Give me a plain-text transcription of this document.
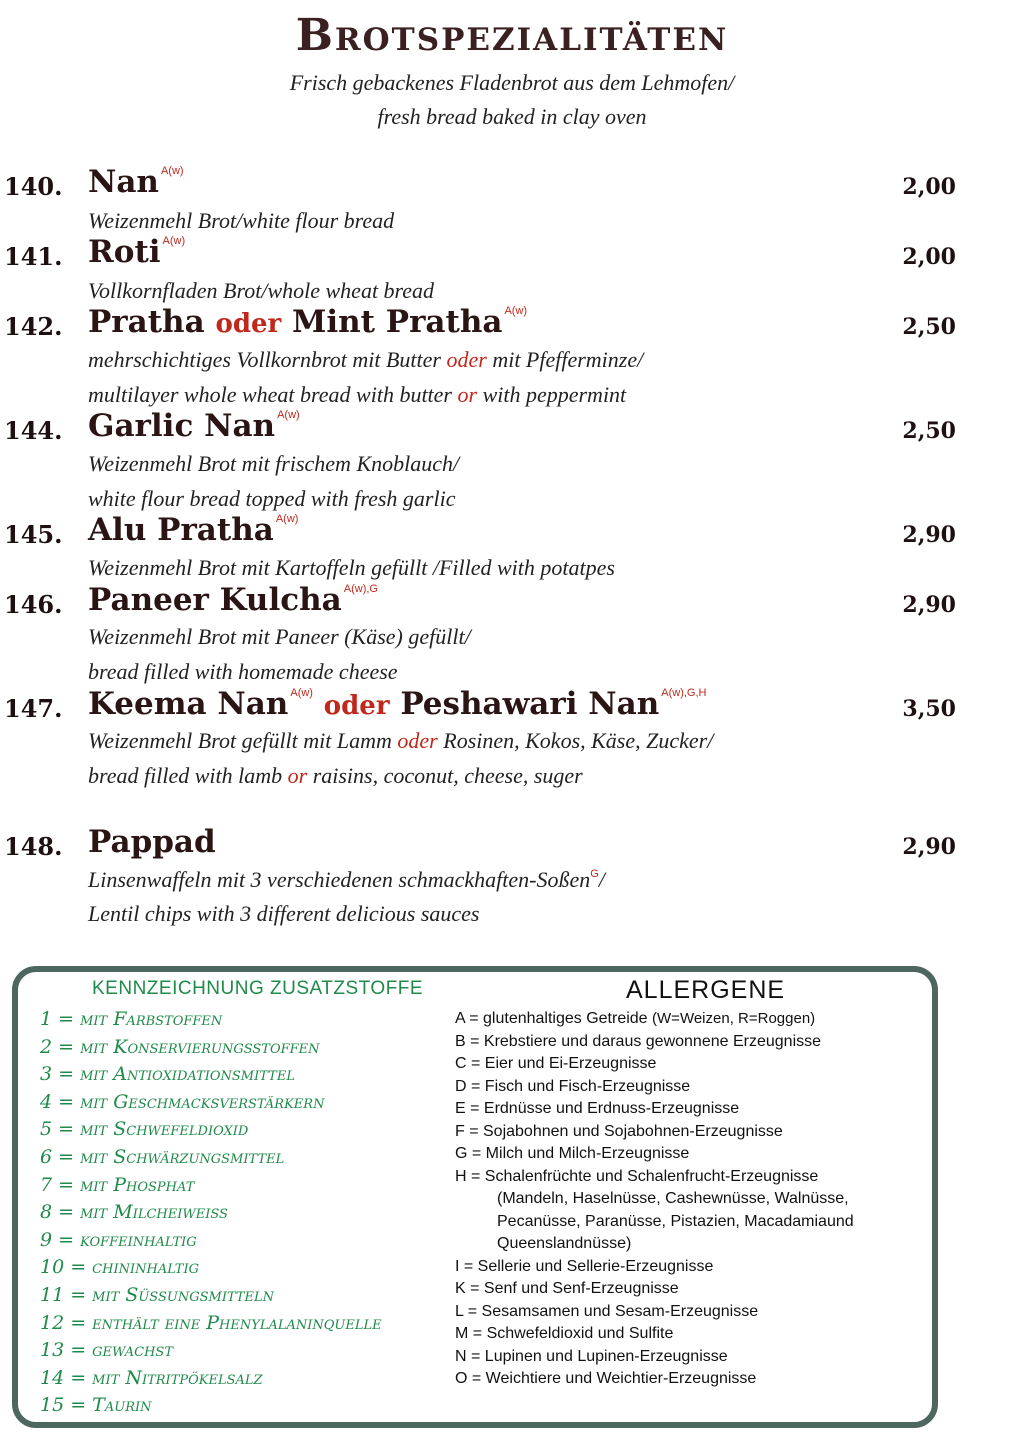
Brotspezialitäten
Frisch gebackenes Fladenbrot aus dem Lehmofen/
fresh bread baked in clay oven
140. Nan $^{A(w)}$
2,00
Weizenmehl Brot/white flour bread
141. Roti $^{A(w)}$
2,00
Vollkornfladen Brot/whole wheat bread
142. Pratha oder Mint Pratha $^{A(w)}$
2,50
mehrschichtiges Vollkornbrot mit Butter oder mit Pfefferminze/
multilayer whole wheat bread with butter or with peppermint
144. Garlic Nan $^{A(w)}$
2,50
Weizenmehl Brot mit frischem Knoblauch/
white flour bread topped with fresh garlic
145. Alu Pratha $^{A(w)}$
2,90
Weizenmehl Brot mit Kartoffeln gefüllt /Filled with potatpes
146. Paneer Kulcha $^{A(w),G}$
2,90
Weizenmehl Brot mit Paneer (Käse) gefüllt/
bread filled with homemade cheese
147. Keema Nan $^{A(w)}$ oder Peshawari Nan $^{A(w),G,H}$
3,50
Weizenmehl Brot gefüllt mit Lamm oder Rosinen, Kokos, Käse, Zucker/
bread filled with lamb or raisins, coconut, cheese, suger
148. Pappad	2,90
Linsenwaffeln mit 3 verschiedenen schmackhaften-Soßen$^G$/
Lentil chips with 3 different delicious sauces
KENNZEICHNUNG ZUSATZSTOFFE
1 = mit Farbstoffen
2 = mit Konservierungsstoffen
3 = mit Antioxidationsmittel
4 = mit Geschmacksverstärkern
5 = mit Schwefeldioxid
6 = mit Schwärzungsmittel
7 = mit Phosphat
8 = mit Milcheiweiß
9 = koffeinhaltig
10 = chininhaltig
11 = mit Süßungsmitteln
12 = enthält eine Phenylalaninquelle
13 = gewachst
14 = mit Nitritpökelsalz
15 = Taurin
ALLERGENE
A = glutenhaltiges Getreide (W=Weizen, R=Roggen)
B = Krebstiere und daraus gewonnene Erzeugnisse
C = Eier und Ei-Erzeugnisse
D = Fisch und Fisch-Erzeugnisse
E = Erdnüsse und Erdnuss-Erzeugnisse
F = Sojabohnen und Sojabohnen-Erzeugnisse
G = Milch und Milch-Erzeugnisse
H = Schalenfrüchte und Schalenfrucht-Erzeugnisse
(Mandeln, Haselnüsse, Cashewnüsse, Walnüsse,
Pecanüsse, Paranüsse, Pistazien, Macadamiaund
Queenslandnüsse)
I = Sellerie und Sellerie-Erzeugnisse
K = Senf und Senf-Erzeugnisse
L = Sesamsamen und Sesam-Erzeugnisse
M = Schwefeldioxid und Sulfite
N = Lupinen und Lupinen-Erzeugnisse
O = Weichtiere und Weichtier-Erzeugnisse
